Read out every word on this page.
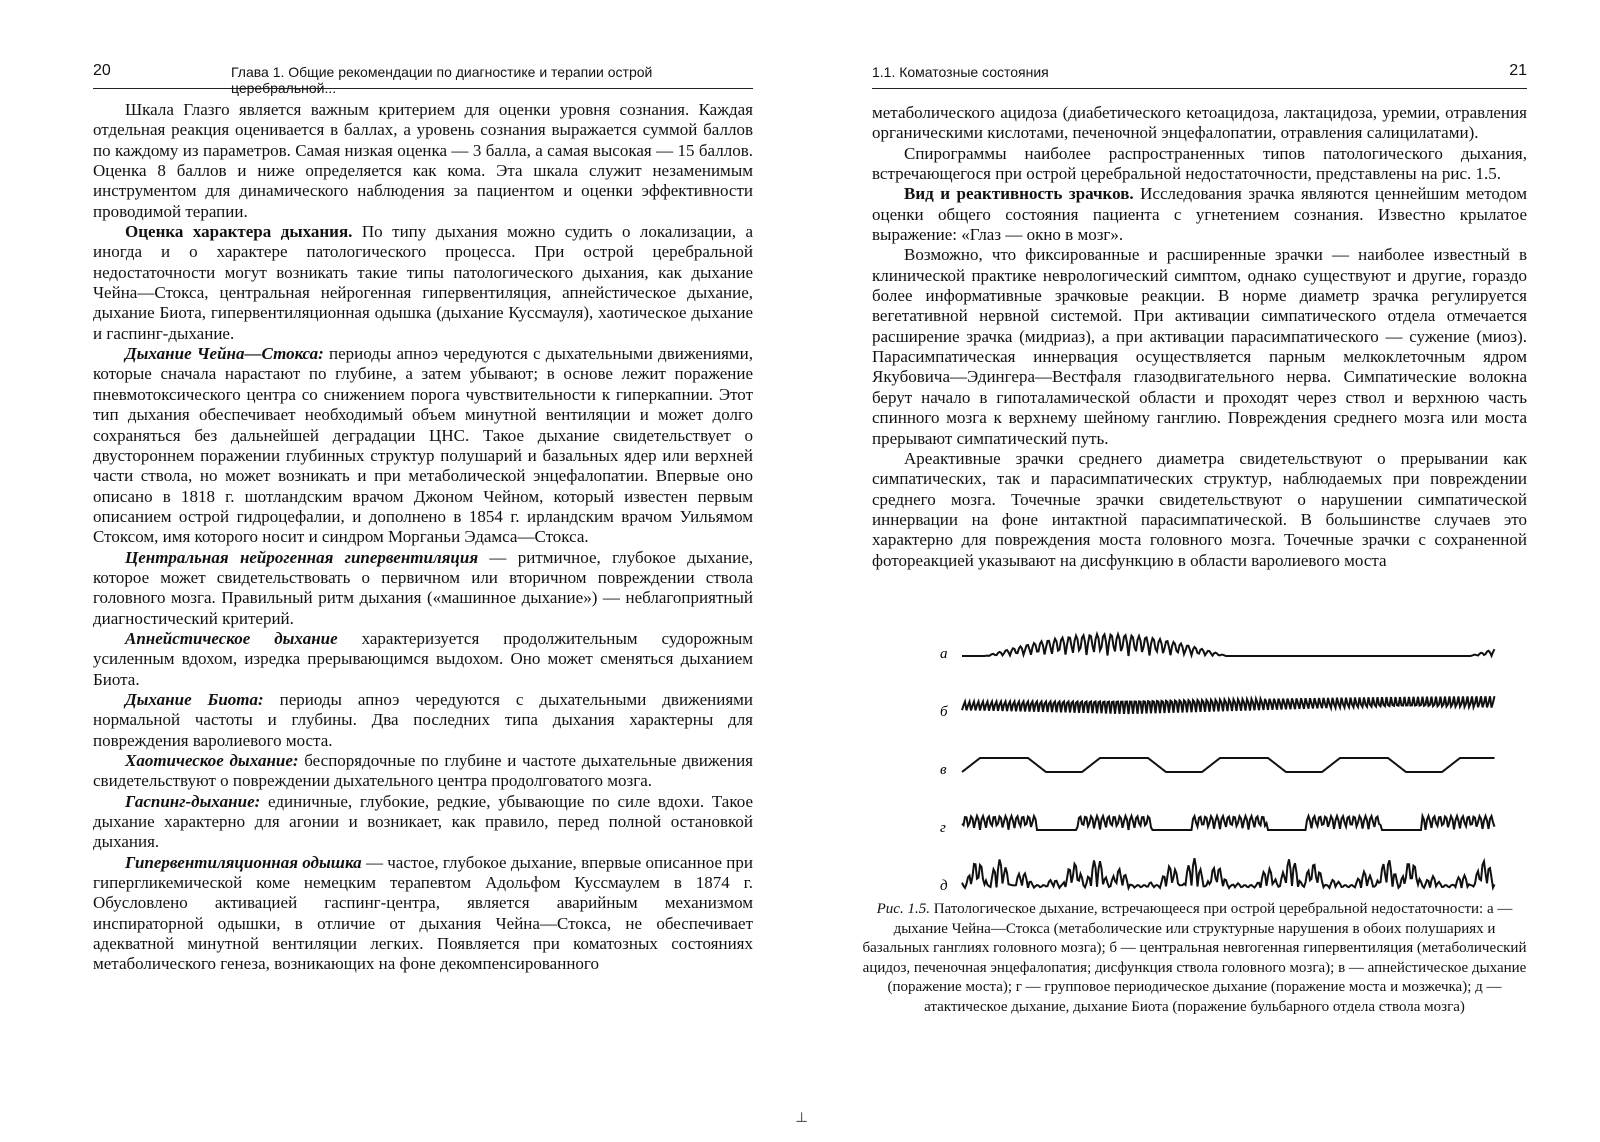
20	Глава 1. Общие рекомендации по диагностике и терапии острой церебральной...

Шкала Глазго является важным критерием для оценки уровня сознания. Каждая отдельная реакция оценивается в баллах, а уровень сознания выражается суммой баллов по каждому из параметров. Самая низкая оценка — 3 балла, а самая высокая — 15 баллов. Оценка 8 баллов и ниже определяется как кома. Эта шкала служит незаменимым инструментом для динамического наблюдения за пациентом и оценки эффективности проводимой терапии.

Оценка характера дыхания. По типу дыхания можно судить о локализации, а иногда и о характере патологического процесса. При острой церебральной недостаточности могут возникать такие типы патологического дыхания, как дыхание Чейна—Стокса, центральная нейрогенная гипервентиляция, апнейстическое дыхание, дыхание Биота, гипервентиляционная одышка (дыхание Куссмауля), хаотическое дыхание и гаспинг-дыхание.

Дыхание Чейна—Стокса: периоды апноэ чередуются с дыхательными движениями, которые сначала нарастают по глубине, а затем убывают; в основе лежит поражение пневмотоксического центра со снижением порога чувствительности к гиперкапнии. Этот тип дыхания обеспечивает необходимый объем минутной вентиляции и может долго сохраняться без дальнейшей деградации ЦНС. Такое дыхание свидетельствует о двустороннем поражении глубинных структур полушарий и базальных ядер или верхней части ствола, но может возникать и при метаболической энцефалопатии. Впервые оно описано в 1818 г. шотландским врачом Джоном Чейном, который известен первым описанием острой гидроцефалии, и дополнено в 1854 г. ирландским врачом Уильямом Стоксом, имя которого носит и синдром Морганьи Эдамса—Стокса.

Центральная нейрогенная гипервентиляция — ритмичное, глубокое дыхание, которое может свидетельствовать о первичном или вторичном повреждении ствола головного мозга. Правильный ритм дыхания («машинное дыхание») — неблагоприятный диагностический критерий.

Апнейстическое дыхание характеризуется продолжительным судорожным усиленным вдохом, изредка прерывающимся выдохом. Оно может сменяться дыханием Биота.

Дыхание Биота: периоды апноэ чередуются с дыхательными движениями нормальной частоты и глубины. Два последних типа дыхания характерны для повреждения варолиевого моста.

Хаотическое дыхание: беспорядочные по глубине и частоте дыхательные движения свидетельствуют о повреждении дыхательного центра продолговатого мозга.

Гаспинг-дыхание: единичные, глубокие, редкие, убывающие по силе вдохи. Такое дыхание характерно для агонии и возникает, как правило, перед полной остановкой дыхания.

Гипервентиляционная одышка — частое, глубокое дыхание, впервые описанное при гипергликемической коме немецким терапевтом Адольфом Куссмаулем в 1874 г. Обусловлено активацией гаспинг-центра, является аварийным механизмом инспираторной одышки, в отличие от дыхания Чейна—Стокса, не обеспечивает адекватной минутной вентиляции легких. Появляется при коматозных состояниях метаболического генеза, возникающих на фоне декомпенсированного

1.1. Коматозные состояния	21

метаболического ацидоза (диабетического кетоацидоза, лактацидоза, уремии, отравления органическими кислотами, печеночной энцефалопатии, отравления салицилатами).

Спирограммы наиболее распространенных типов патологического дыхания, встречающегося при острой церебральной недостаточности, представлены на рис. 1.5.

Вид и реактивность зрачков. Исследования зрачка являются ценнейшим методом оценки общего состояния пациента с угнетением сознания. Известно крылатое выражение: «Глаз — окно в мозг».

Возможно, что фиксированные и расширенные зрачки — наиболее известный в клинической практике неврологический симптом, однако существуют и другие, гораздо более информативные зрачковые реакции. В норме диаметр зрачка регулируется вегетативной нервной системой. При активации симпатического отдела отмечается расширение зрачка (мидриаз), а при активации парасимпатического — сужение (миоз). Парасимпатическая иннервация осуществляется парным мелкоклеточным ядром Якубовича—Эдингера—Вестфаля глазодвигательного нерва. Симпатические волокна берут начало в гипоталамической области и проходят через ствол и верхнюю часть спинного мозга к верхнему шейному ганглию. Повреждения среднего мозга или моста прерывают симпатический путь.

Ареактивные зрачки среднего диаметра свидетельствуют о прерывании как симпатических, так и парасимпатических структур, наблюдаемых при повреждении среднего мозга. Точечные зрачки свидетельствуют о нарушении симпатической иннервации на фоне интактной парасимпатической. В большинстве случаев это характерно для повреждения моста головного мозга. Точечные зрачки с сохраненной фотореакцией указывают на дисфункцию в области варолиевого моста

а
б
в
г
д
Рис. 1.5. Патологическое дыхание, встречающееся при острой церебральной недостаточности: а — дыхание Чейна—Стокса (метаболические или структурные нарушения в обоих полушариях и базальных ганглиях головного мозга); б — центральная невrогенная гипервентиляция (метаболический ацидоз, печеночная энцефалопатия; дисфункция ствола головного мозга); в — апнейстическое дыхание (поражение моста); г — групповое периодическое дыхание (поражение моста и мозжечка); д — атактическое дыхание, дыхание Биота (поражение бульбарного отдела ствола мозга)
⊥
